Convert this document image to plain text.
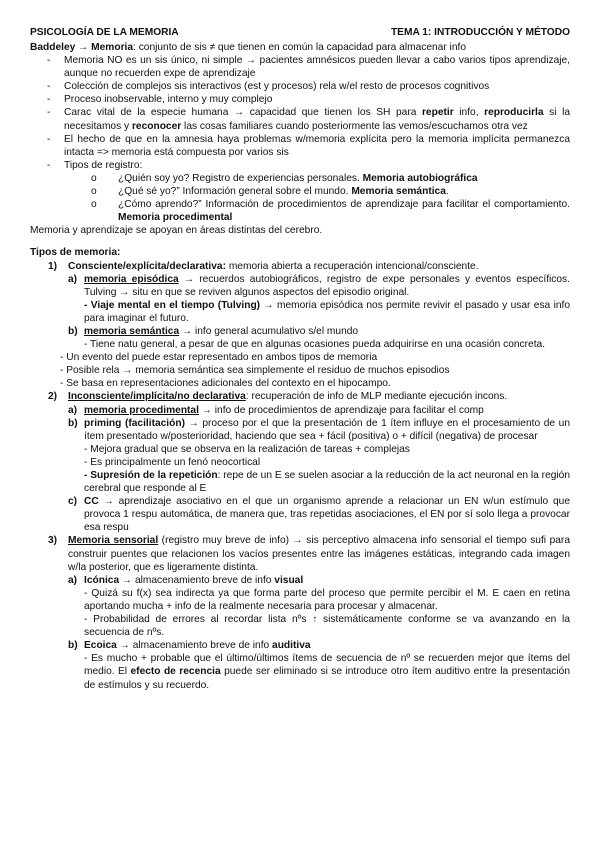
PSICOLOGÍA DE LA MEMORIA	TEMA 1: INTRODUCCIÓN Y MÉTODO

Baddeley → Memoria: conjunto de sis ≠ que tienen en común la capacidad para almacenar info

- Memoria NO es un sis único, ni simple → pacientes amnésicos pueden llevar a cabo varios tipos aprendizaje, aunque no recuerden expe de aprendizaje

- Colección de complejos sis interactivos (est y procesos) rela w/el resto de procesos cognitivos

- Proceso inobservable, interno y muy complejo

- Carac vital de la especie humana → capacidad que tienen los SH para repetir info, reproducirla si la necesitamos y reconocer las cosas familiares cuando posteriormente las vemos/escuchamos otra vez

- El hecho de que en la amnesia haya problemas w/memoria explícita pero la memoria implícita permanezca intacta => memoria está compuesta por varios sis

- Tipos de registro:

o ¿Quién soy yo? Registro de experiencias personales. Memoria autobiográfica

o ¿Qué sé yo?” Información general sobre el mundo. Memoria semántica.

o ¿Cómo aprendo?” Información de procedimientos de aprendizaje para facilitar el comportamiento. Memoria procedimental

Memoria y aprendizaje se apoyan en áreas distintas del cerebro.

Tipos de memoria:

1) Consciente/explícita/declarativa: memoria abierta a recuperación intencional/consciente.

a) memoria episódica → recuerdos autobiográficos, registro de expe personales y eventos específicos. Tulving → situ en que se reviven algunos aspectos del episodio original.

- Viaje mental en el tiempo (Tulving) → memoria episódica nos permite revivir el pasado y usar esa info para imaginar el futuro.

b) memoria semántica → info general acumulativo s/el mundo

- Tiene natu general, a pesar de que en algunas ocasiones pueda adquirirse en una ocasión concreta.

- Un evento del puede estar representado en ambos tipos de memoria

- Posible rela → memoria semántica sea simplemente el residuo de muchos episodios

- Se basa en representaciones adicionales del contexto en el hipocampo.

2) Inconsciente/implícita/no declarativa: recuperación de info de MLP mediante ejecución incons.

a) memoria procedimental → info de procedimientos de aprendizaje para facilitar el comp

b) priming (facilitación) → proceso por el que la presentación de 1 ítem influye en el procesamiento de un ítem presentado w/posterioridad, haciendo que sea + fácil (positiva) o + difícil (negativa) de procesar

- Mejora gradual que se observa en la realización de tareas + complejas

- Es principalmente un fenó neocortical

- Supresión de la repetición: repe de un E se suelen asociar a la reducción de la act neuronal en la región cerebral que responde al E

c) CC → aprendizaje asociativo en el que un organismo aprende a relacionar un EN w/un estímulo que provoca 1 respu automática, de manera que, tras repetidas asociaciones, el EN por sí solo llega a provocar esa respu

3) Memoria sensorial (registro muy breve de info) → sis perceptivo almacena info sensorial el tiempo sufi para construir puentes que relacionen los vacíos presentes entre las imágenes estáticas, integrando cada imagen w/la posterior, que es ligeramente distinta.

a) Icónica → almacenamiento breve de info visual

- Quizá su f(x) sea indirecta ya que forma parte del proceso que permite percibir el M. E caen en retina aportando mucha + info de la realmente necesaria para procesar y almacenar.

- Probabilidad de errores al recordar lista nºs ↑ sistemáticamente conforme se va avanzando en la secuencia de nºs.

b) Ecoica → almacenamiento breve de info auditiva

- Es mucho + probable que el último/últimos ítems de secuencia de nº se recuerden mejor que ítems del medio. El efecto de recencia puede ser eliminado si se introduce otro ítem auditivo entre la presentación de estímulos y su recuerdo.
